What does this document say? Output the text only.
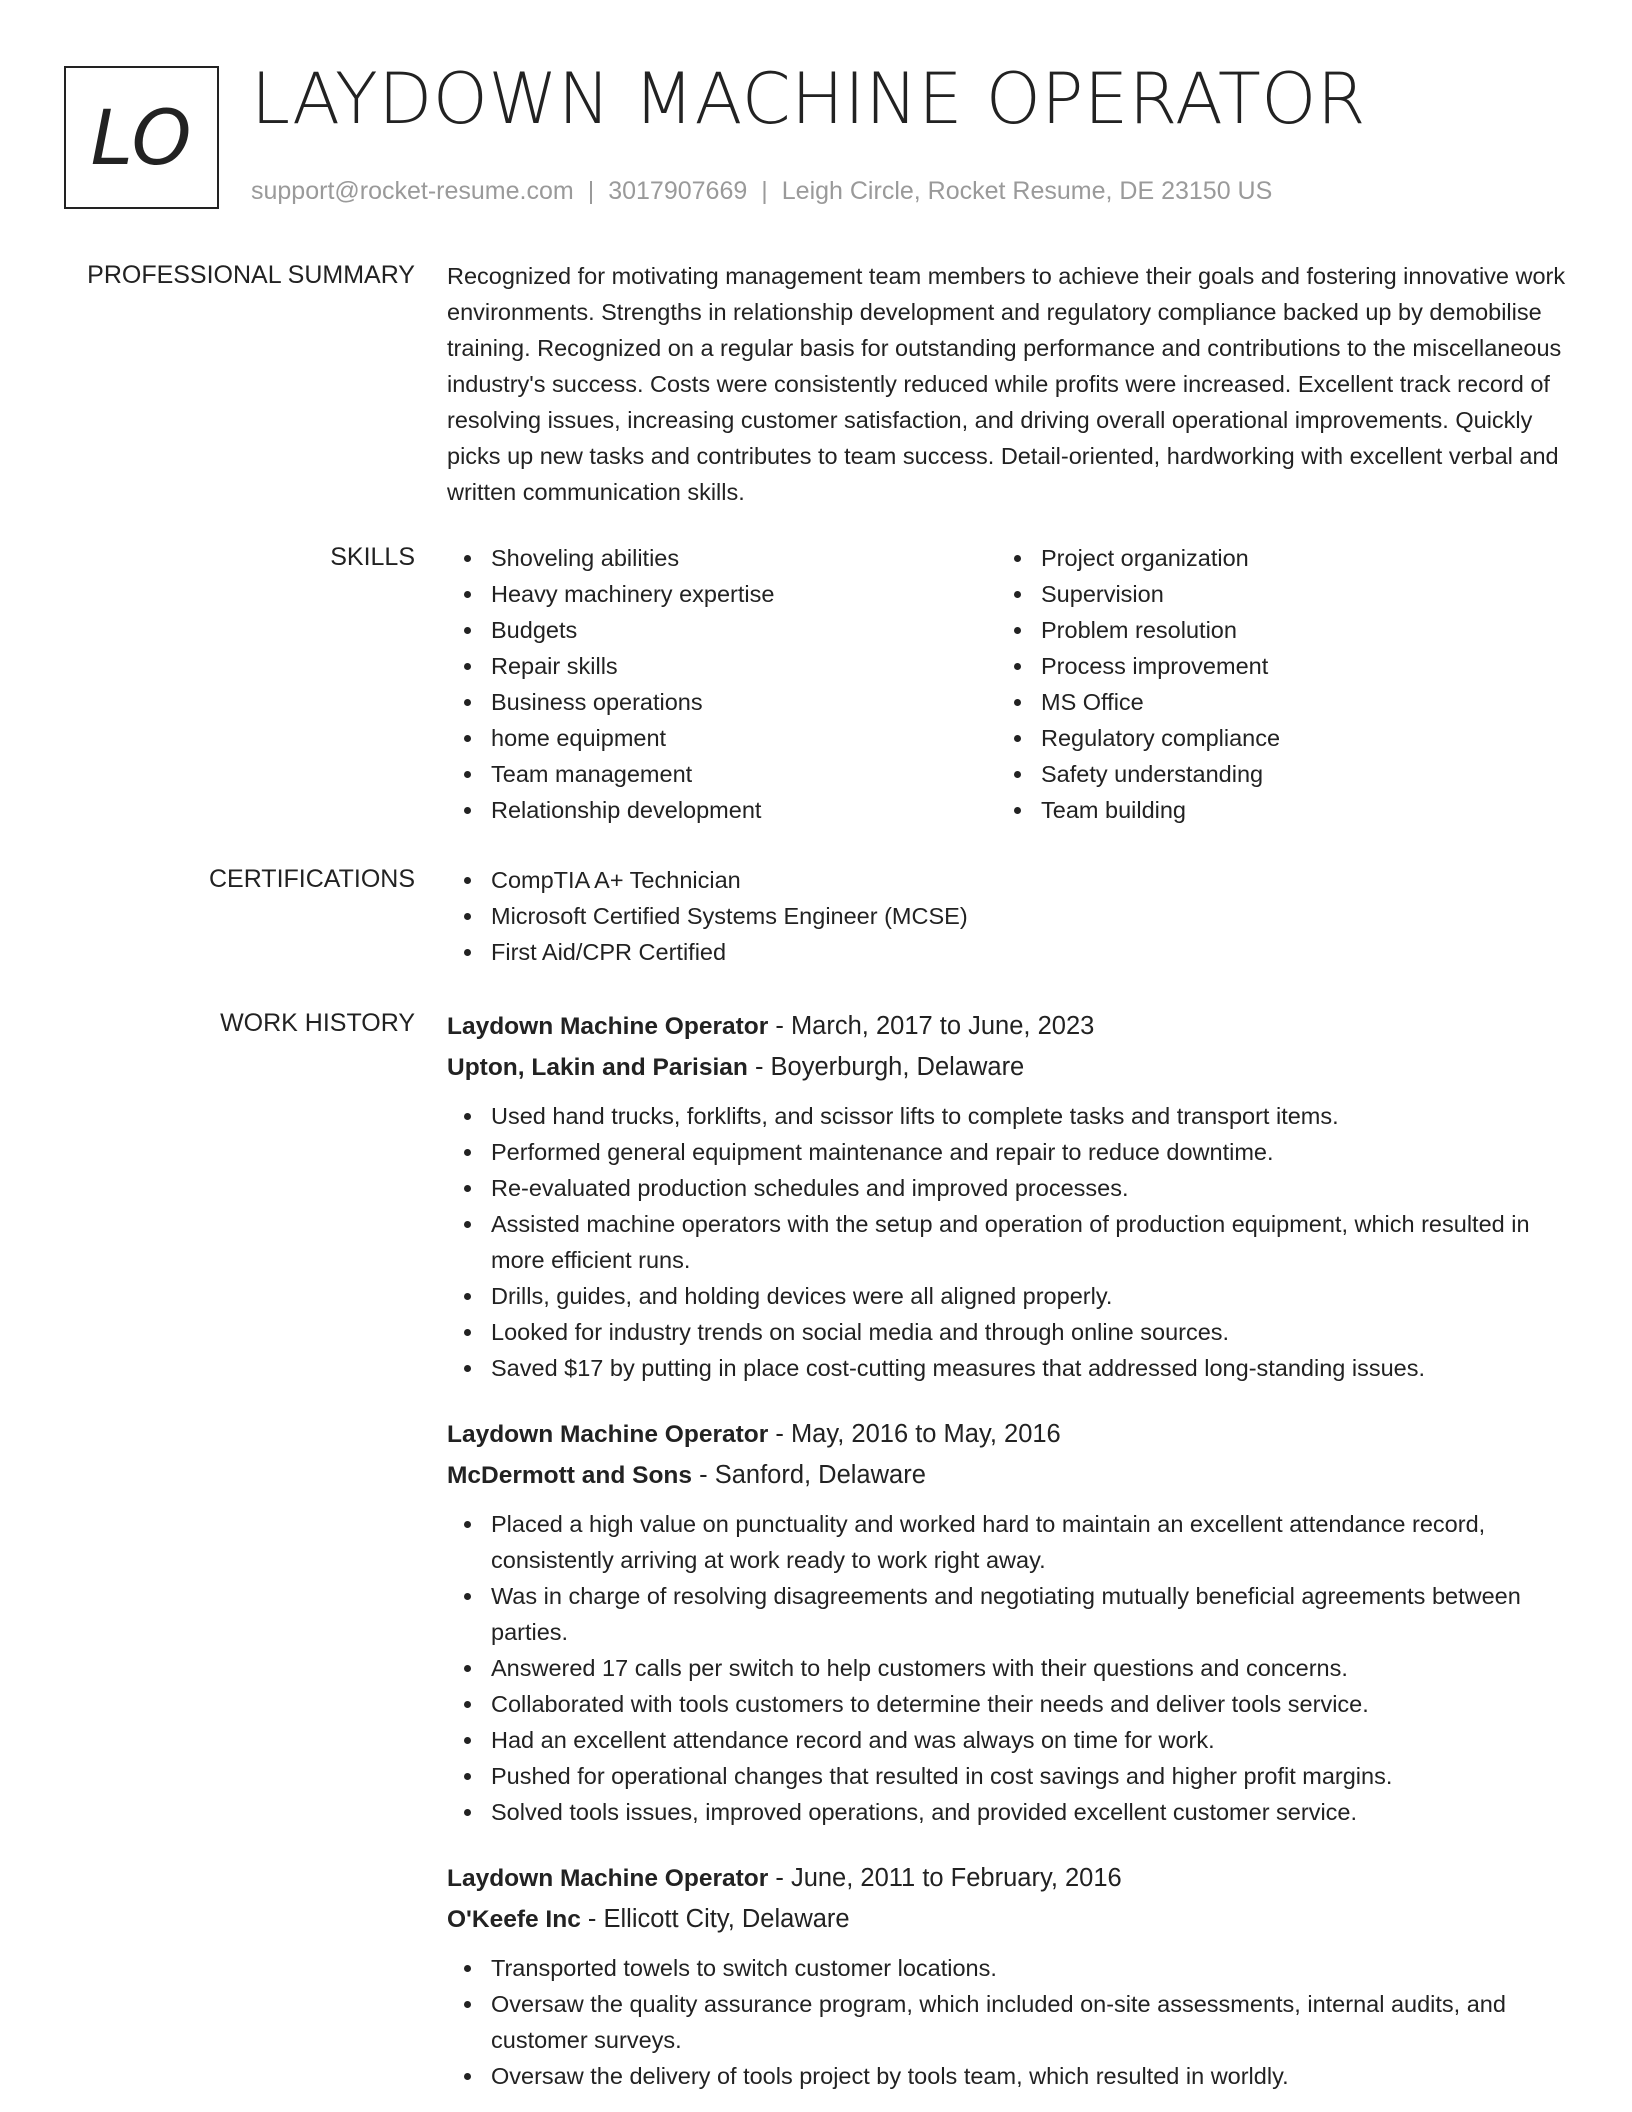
LO LAYDOWN MACHINE OPERATOR
support@rocket-resume.com | 3017907669 | Leigh Circle, Rocket Resume, DE 23150 US
PROFESSIONAL SUMMARY Recognized for motivating management team members to achieve their goals and fostering innovative work environments. Strengths in relationship development and regulatory compliance backed up by demobilise training. Recognized on a regular basis for outstanding performance and contributions to the miscellaneous industry's success. Costs were consistently reduced while profits were increased. Excellent track record of resolving issues, increasing customer satisfaction, and driving overall operational improvements. Quickly picks up new tasks and contributes to team success. Detail-oriented, hardworking with excellent verbal and written communication skills.
SKILLS	Shoveling abilities
Heavy machinery expertise
Budgets
Repair skills
Business operations
home equipment
Team management
Relationship development
Project organization
Supervision
Problem resolution
Process improvement
MS Office
Regulatory compliance
Safety understanding
Team building
CERTIFICATIONS	CompTIA A+ Technician
Microsoft Certified Systems Engineer (MCSE)
First Aid/CPR Certified
WORK HISTORY Laydown Machine Operator - March, 2017 to June, 2023
Upton, Lakin and Parisian - Boyerburgh, Delaware
Used hand trucks, forklifts, and scissor lifts to complete tasks and transport items.
Performed general equipment maintenance and repair to reduce downtime.
Re-evaluated production schedules and improved processes.
Assisted machine operators with the setup and operation of production equipment, which resulted in more efficient runs.
Drills, guides, and holding devices were all aligned properly.
Looked for industry trends on social media and through online sources.
Saved $17 by putting in place cost-cutting measures that addressed long-standing issues.
Laydown Machine Operator - May, 2016 to May, 2016
McDermott and Sons - Sanford, Delaware
Placed a high value on punctuality and worked hard to maintain an excellent attendance record, consistently arriving at work ready to work right away.
Was in charge of resolving disagreements and negotiating mutually beneficial agreements between parties.
Answered 17 calls per switch to help customers with their questions and concerns.
Collaborated with tools customers to determine their needs and deliver tools service.
Had an excellent attendance record and was always on time for work.
Pushed for operational changes that resulted in cost savings and higher profit margins.
Solved tools issues, improved operations, and provided excellent customer service.
Laydown Machine Operator - June, 2011 to February, 2016
O'Keefe Inc - Ellicott City, Delaware
Transported towels to switch customer locations.
Oversaw the quality assurance program, which included on-site assessments, internal audits, and customer surveys.
Oversaw the delivery of tools project by tools team, which resulted in worldly.
